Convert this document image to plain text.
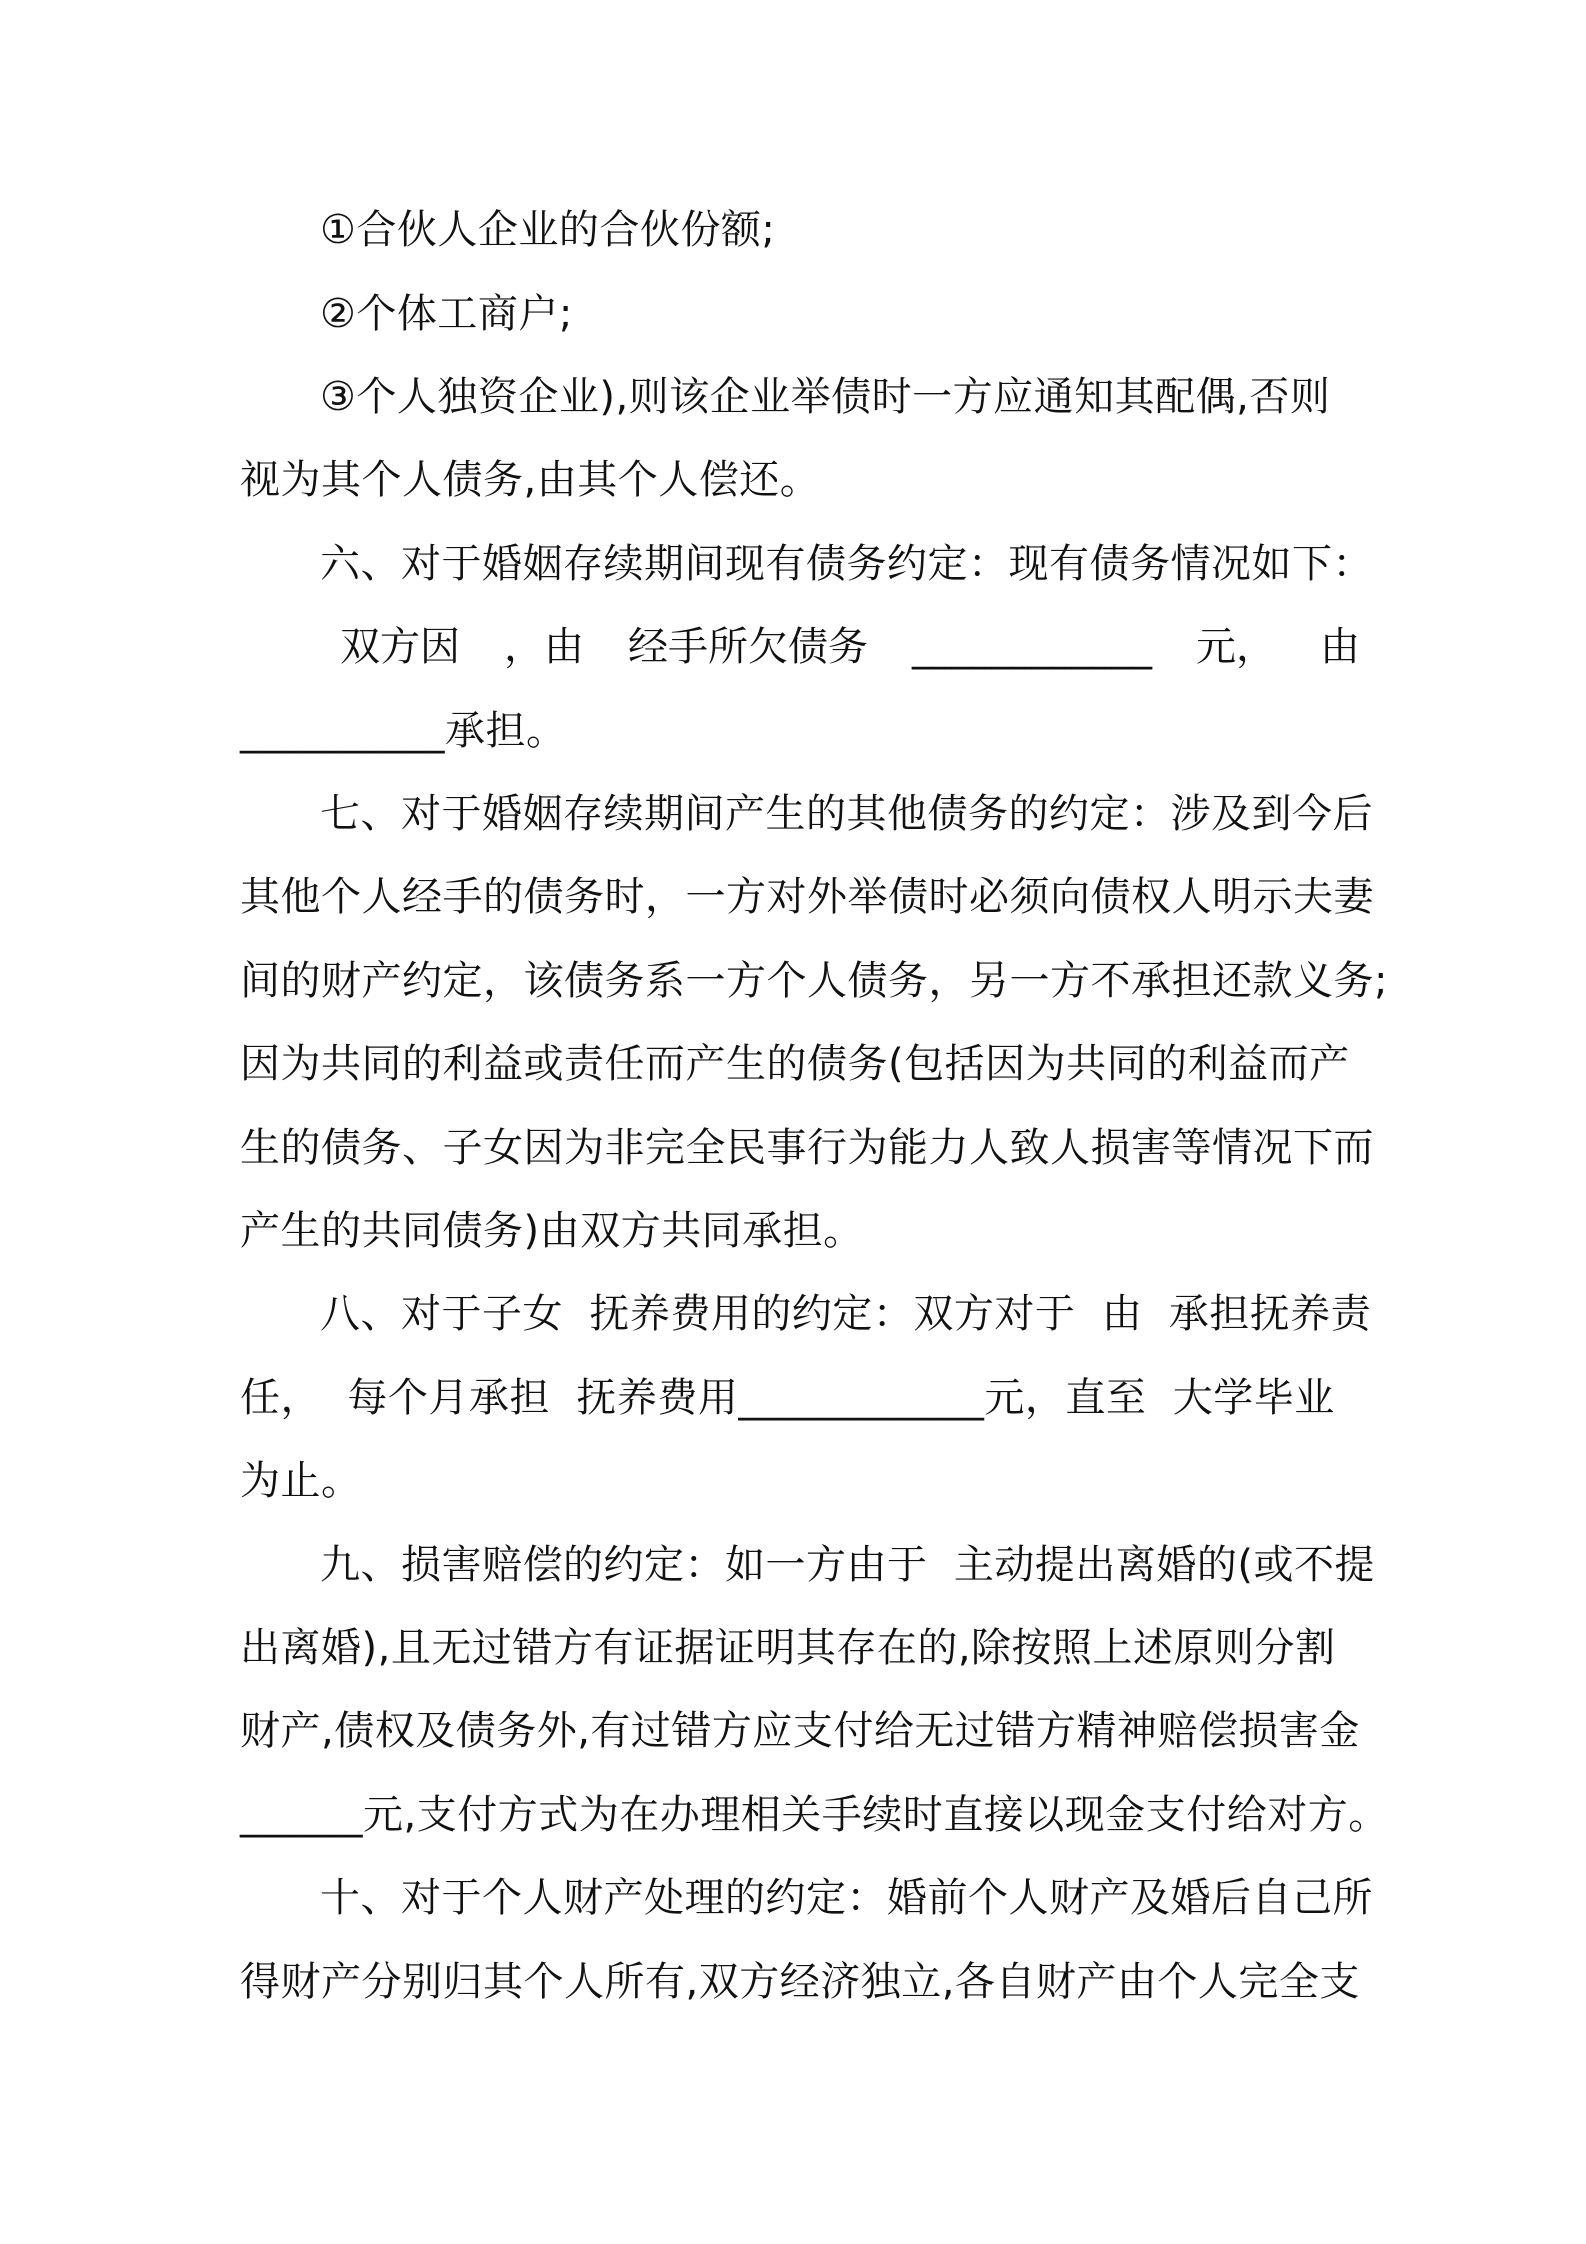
①合伙人企业的合伙份额;
②个体工商户;
③个人独资企业),则该企业举债时一方应通知其配偶,否则
视为其个人债务,由其个人偿还。
六、对于婚姻存续期间现有债务约定：现有债务情况如下：
双方因 ，由 经手所欠债务 ____________ 元， 由
__________承担。
七、对于婚姻存续期间产生的其他债务的约定：涉及到今后
其他个人经手的债务时，一方对外举债时必须向债权人明示夫妻
间的财产约定，该债务系一方个人债务，另一方不承担还款义务;
因为共同的利益或责任而产生的债务(包括因为共同的利益而产
生的债务、子女因为非完全民事行为能力人致人损害等情况下而
产生的共同债务)由双方共同承担。
八、对于子女  抚养费用的约定：双方对于  由  承担抚养责
任，  每个月承担  抚养费用____________元，直至  大学毕业
为止。
九、损害赔偿的约定：如一方由于  主动提出离婚的(或不提
出离婚),且无过错方有证据证明其存在的,除按照上述原则分割
财产,债权及债务外,有过错方应支付给无过错方精神赔偿损害金
______元,支付方式为在办理相关手续时直接以现金支付给对方。
十、对于个人财产处理的约定：婚前个人财产及婚后自己所
得财产分别归其个人所有,双方经济独立,各自财产由个人完全支
